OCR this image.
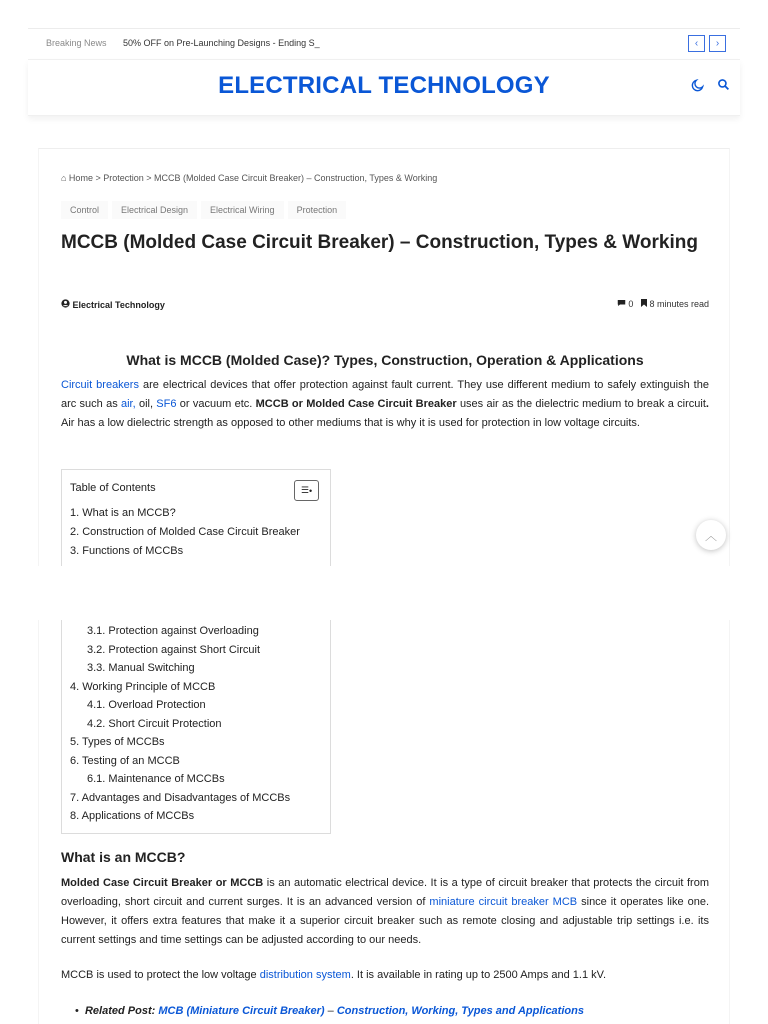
Breaking News 50% OFF on Pre-Launching Designs - Ending S_	‹	›
ELECTRICAL TECHNOLOGY
⌂ Home > Protection > MCCB (Molded Case Circuit Breaker) – Construction, Types & Working
Control	Electrical Design	Electrical Wiring	Protection
MCCB (Molded Case Circuit Breaker) – Construction, Types & Working
Electrical Technology	0 8 minutes read
What is MCCB (Molded Case)? Types, Construction, Operation & Applications

Circuit breakers are electrical devices that offer protection against fault current. They use different medium to safely extinguish the arc such as air, oil, SF6 or vacuum etc. MCCB or Molded Case Circuit Breaker uses air as the dielectric medium to break a circuit. Air has a low dielectric strength as opposed to other mediums that is why it is used for protection in low voltage circuits.

Table of Contents	☰ •
1. What is an MCCB?
2. Construction of Molded Case Circuit Breaker
3. Functions of MCCBs
︿
3.1. Protection against Overloading
3.2. Protection against Short Circuit
3.3. Manual Switching
4. Working Principle of MCCB
4.1. Overload Protection
4.2. Short Circuit Protection
5. Types of MCCBs
6. Testing of an MCCB
6.1. Maintenance of MCCBs
7. Advantages and Disadvantages of MCCBs
8. Applications of MCCBs
What is an MCCB?

Molded Case Circuit Breaker or MCCB is an automatic electrical device. It is a type of circuit breaker that protects the circuit from overloading, short circuit and current surges. It is an advanced version of miniature circuit breaker MCB since it operates like one. However, it offers extra features that make it a superior circuit breaker such as remote closing and adjustable trip settings i.e. its current settings and time settings can be adjusted according to our needs.

MCCB is used to protect the low voltage distribution system. It is available in rating up to 2500 Amps and 1.1 kV.

• Related Post: MCB (Miniature Circuit Breaker) – Construction, Working, Types and Applications
